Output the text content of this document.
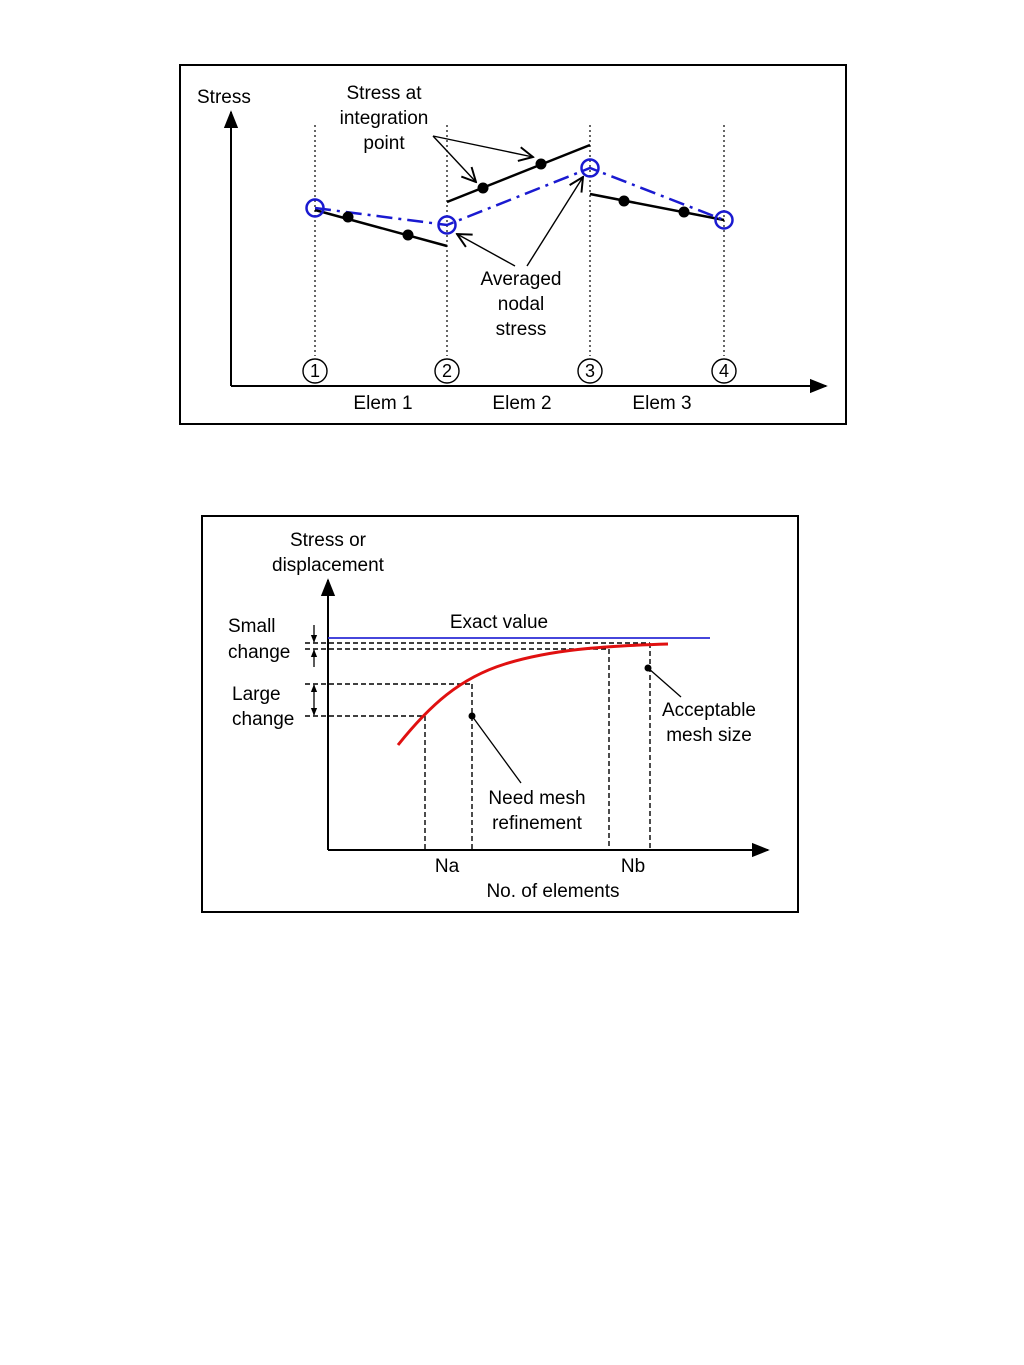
Stress	Stress at
integration
point
Averaged
nodal
stress
1	2	3	4
Elem 1	Elem 2	Elem 3
Stress or
displacement
Exact value
Small
change
Large
change	Acceptable
mesh size
Need mesh
refinement
Na	Nb
No. of elements
